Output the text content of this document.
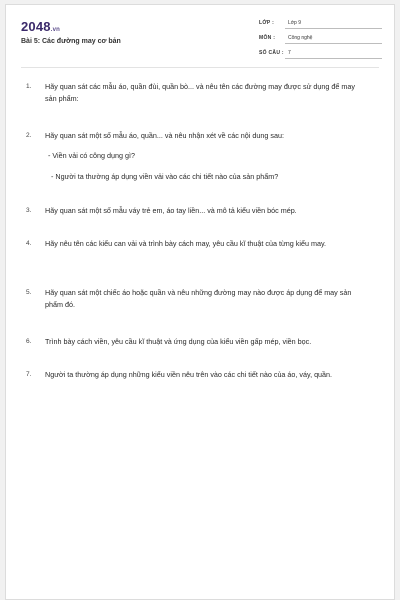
2048.vn
Bài 5: Các đường may cơ bản
LỚP :	Lớp 9
MÔN :	Công nghệ
SỐ CÂU : 7
1. Hãy quan sát các mẫu áo, quần đùi, quần bò... và nêu tên các đường may được sử dụng để may sản phẩm:
2. Hãy quan sát một số mẫu áo, quần... và nêu nhận xét về các nội dung sau:
- Viền vải có công dụng gì?
- Người ta thường áp dụng viền vải vào các chi tiết nào của sản phẩm?
3. Hãy quan sát một số mẫu váy trẻ em, áo tay liền... và mô tả kiểu viền bóc mép.
4. Hãy nêu tên các kiểu can vải và trình bày cách may, yêu cầu kĩ thuật của từng kiểu may.
5. Hãy quan sát một chiếc áo hoặc quần và nêu những đường may nào được áp dụng để may sản phẩm đó.
6. Trình bày cách viền, yêu cầu kĩ thuật và ứng dụng của kiểu viền gấp mép, viền bọc.
7. Người ta thường áp dụng những kiểu viền nêu trên vào các chi tiết nào của áo, váy, quần.
